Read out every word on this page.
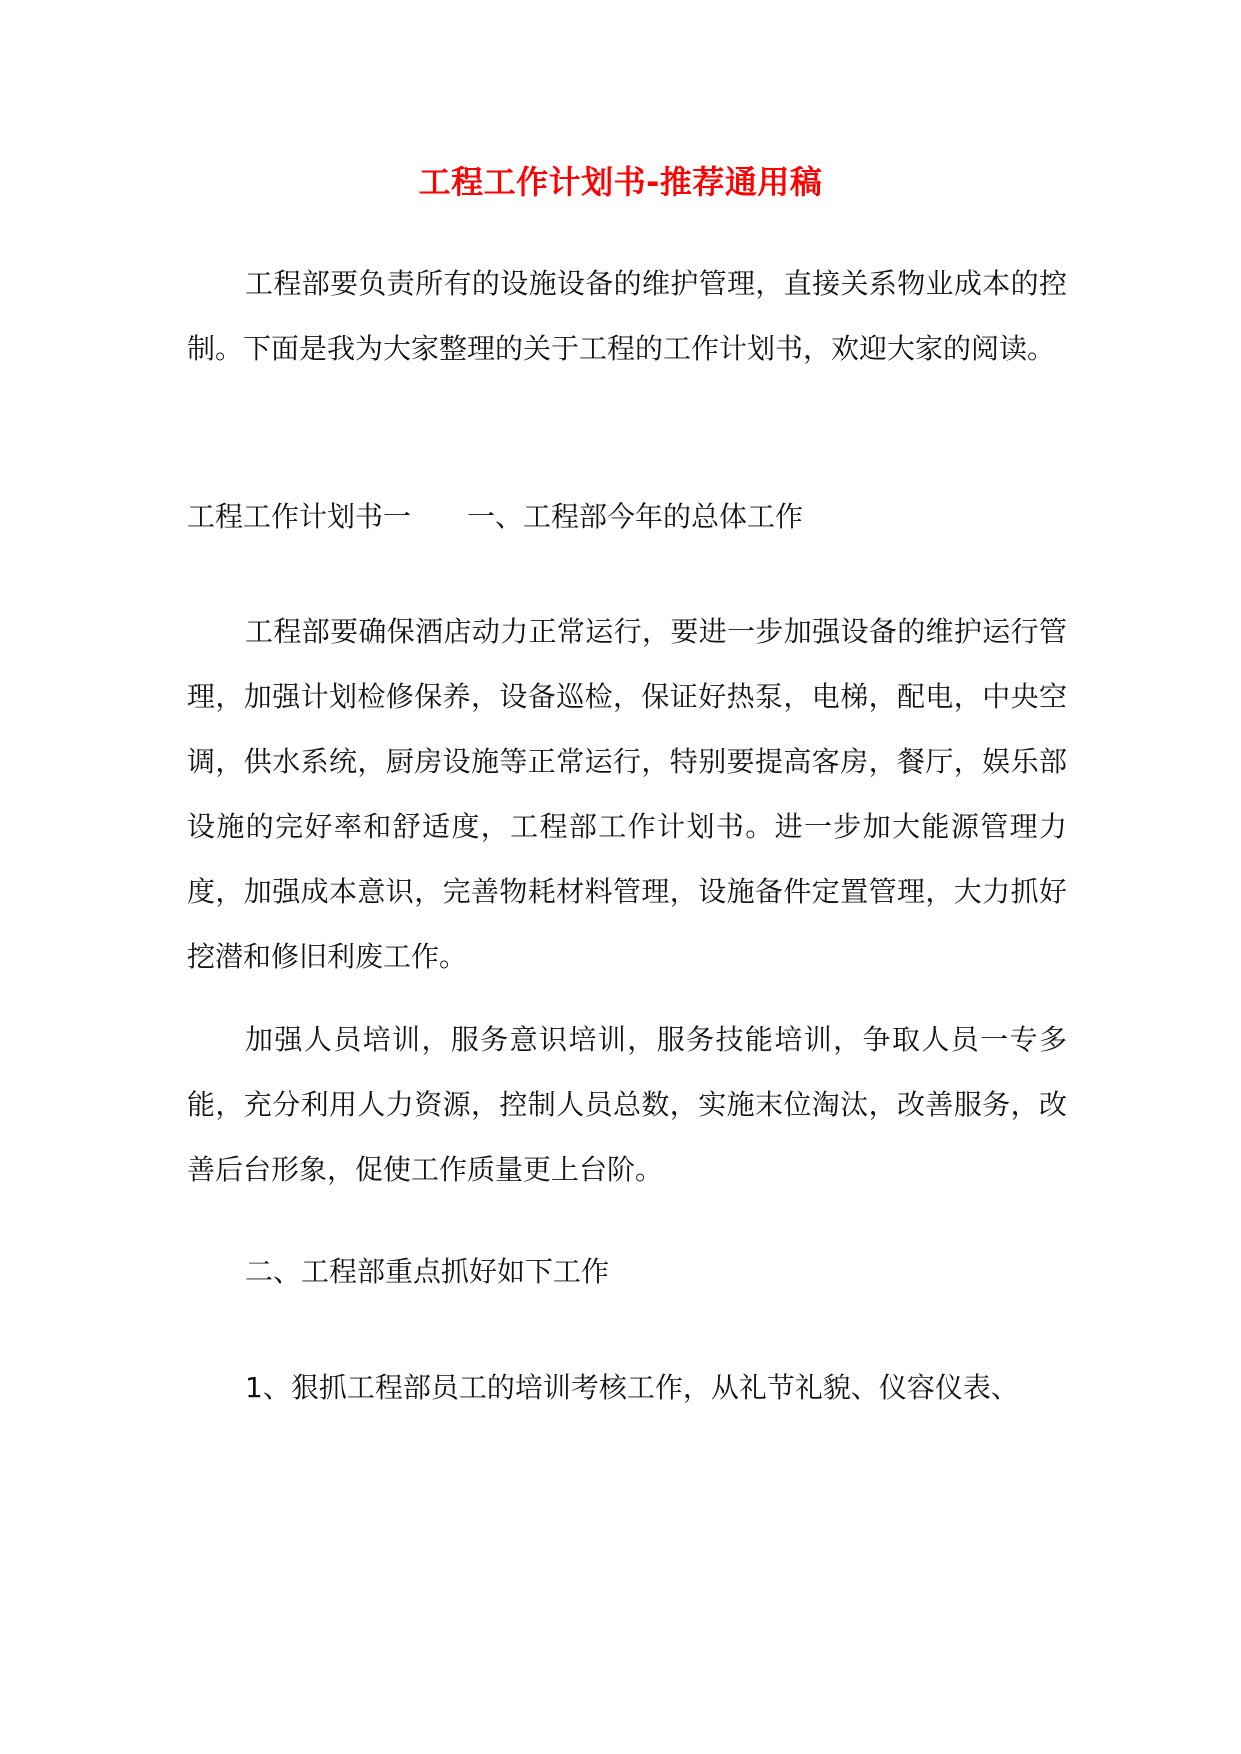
工程工作计划书-推荐通用稿
工程部要负责所有的设施设备的维护管理，直接关系物业成本的控制。下面是我为大家整理的关于工程的工作计划书，欢迎大家的阅读。
工程工作计划书一 一、工程部今年的总体工作
工程部要确保酒店动力正常运行，要进一步加强设备的维护运行管理，加强计划检修保养，设备巡检，保证好热泵，电梯，配电，中央空调，供水系统，厨房设施等正常运行，特别要提高客房，餐厅，娱乐部设施的完好率和舒适度，工程部工作计划书。进一步加大能源管理力度，加强成本意识，完善物耗材料管理，设施备件定置管理，大力抓好挖潜和修旧利废工作。
加强人员培训，服务意识培训，服务技能培训，争取人员一专多能，充分利用人力资源，控制人员总数，实施末位淘汰，改善服务，改善后台形象，促使工作质量更上台阶。
二、工程部重点抓好如下工作
1、狠抓工程部员工的培训考核工作，从礼节礼貌、仪容仪表、
